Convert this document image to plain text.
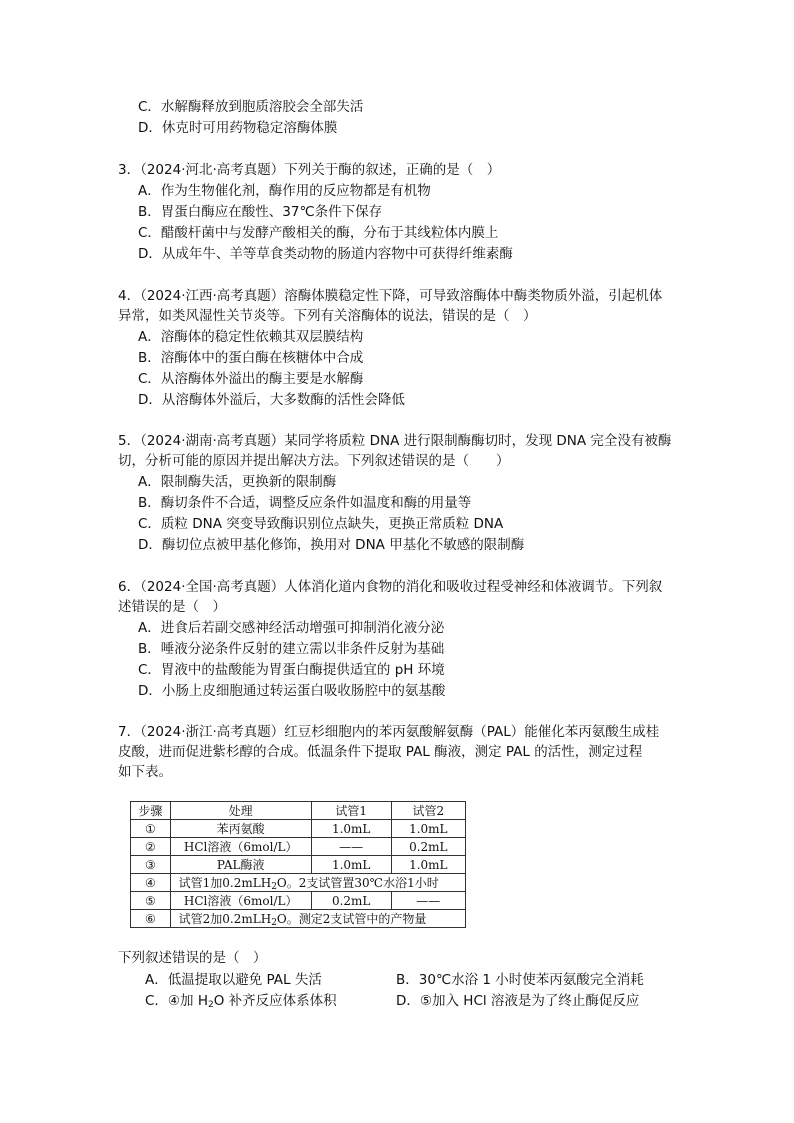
C．水解酶释放到胞质溶胶会全部失活
D．休克时可用药物稳定溶酶体膜
3．（2024·河北·高考真题）下列关于酶的叙述，正确的是（　）
A．作为生物催化剂，酶作用的反应物都是有机物
B．胃蛋白酶应在酸性、37℃条件下保存
C．醋酸杆菌中与发酵产酸相关的酶，分布于其线粒体内膜上
D．从成年牛、羊等草食类动物的肠道内容物中可获得纤维素酶
4．（2024·江西·高考真题）溶酶体膜稳定性下降，可导致溶酶体中酶类物质外溢，引起机体
异常，如类风湿性关节炎等。下列有关溶酶体的说法，错误的是（　）
A．溶酶体的稳定性依赖其双层膜结构
B．溶酶体中的蛋白酶在核糖体中合成
C．从溶酶体外溢出的酶主要是水解酶
D．从溶酶体外溢后，大多数酶的活性会降低
5．（2024·湖南·高考真题）某同学将质粒 DNA 进行限制酶酶切时，发现 DNA 完全没有被酶
切，分析可能的原因并提出解决方法。下列叙述错误的是（　　）
A．限制酶失活，更换新的限制酶
B．酶切条件不合适，调整反应条件如温度和酶的用量等
C．质粒 DNA 突变导致酶识别位点缺失，更换正常质粒 DNA
D．酶切位点被甲基化修饰，换用对 DNA 甲基化不敏感的限制酶
6．（2024·全国·高考真题）人体消化道内食物的消化和吸收过程受神经和体液调节。下列叙
述错误的是（　）
A．进食后若副交感神经活动增强可抑制消化液分泌
B．唾液分泌条件反射的建立需以非条件反射为基础
C．胃液中的盐酸能为胃蛋白酶提供适宜的 pH 环境
D．小肠上皮细胞通过转运蛋白吸收肠腔中的氨基酸
7．（2024·浙江·高考真题）红豆杉细胞内的苯丙氨酸解氨酶（PAL）能催化苯丙氨酸生成桂
皮酸，进而促进紫杉醇的合成。低温条件下提取 PAL 酶液，测定 PAL 的活性，测定过程
如下表。
步骤	处理	试管1	试管2
①	苯丙氨酸	1.0mL	1.0mL
②	HCl溶液（6mol/L）	——	0.2mL
③	PAL酶液	1.0mL	1.0mL
④	试管1加0.2mLH$_2$O。2支试管置30℃水浴1小时		
⑤	HCl溶液（6mol/L）	0.2mL	——
⑥	试管2加0.2mLH$_2$O。测定2支试管中的产物量		
下列叙述错误的是（　）
A．低温提取以避免 PAL 失活	B．30℃水浴 1 小时使苯丙氨酸完全消耗
C．④加 $H_2O$ 补齐反应体系体积	D．⑤加入 HCl 溶液是为了终止酶促反应
